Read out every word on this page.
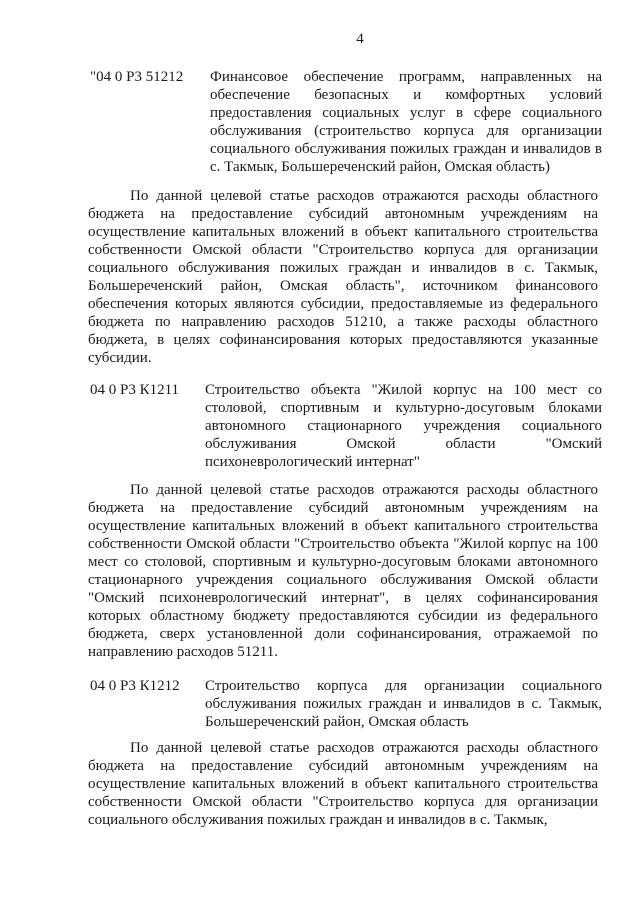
4
"04 0 Р3 51212 Финансовое обеспечение программ, направленных на обеспечение безопасных и комфортных условий предоставления социальных услуг в сфере социального обслуживания (строительство корпуса для организации социального обслуживания пожилых граждан и инвалидов в с. Такмык, Большереченский район, Омская область)

По данной целевой статье расходов отражаются расходы областного бюджета на предоставление субсидий автономным учреждениям на осуществление капитальных вложений в объект капитального строительства собственности Омской области "Строительство корпуса для организации социального обслуживания пожилых граждан и инвалидов в с. Такмык, Большереченский район, Омская область", источником финансового обеспечения которых являются субсидии, предоставляемые из федерального бюджета по направлению расходов 51210, а также расходы областного бюджета, в целях софинансирования которых предоставляются указанные субсидии.

04 0 Р3 К1211 Строительство объекта "Жилой корпус на 100 мест со столовой, спортивным и культурно-досуговым блоками автономного стационарного учреждения социального обслуживания Омской области "Омский психоневрологический интернат"

По данной целевой статье расходов отражаются расходы областного бюджета на предоставление субсидий автономным учреждениям на осуществление капитальных вложений в объект капитального строительства собственности Омской области "Строительство объекта "Жилой корпус на 100 мест со столовой, спортивным и культурно-досуговым блоками автономного стационарного учреждения социального обслуживания Омской области "Омский психоневрологический интернат", в целях софинансирования которых областному бюджету предоставляются субсидии из федерального бюджета, сверх установленной доли софинансирования, отражаемой по направлению расходов 51211.

04 0 Р3 К1212 Строительство корпуса для организации социального обслуживания пожилых граждан и инвалидов в с. Такмык, Большереченский район, Омская область

По данной целевой статье расходов отражаются расходы областного бюджета на предоставление субсидий автономным учреждениям на осуществление капитальных вложений в объект капитального строительства собственности Омской области "Строительство корпуса для организации социального обслуживания пожилых граждан и инвалидов в с. Такмык,
